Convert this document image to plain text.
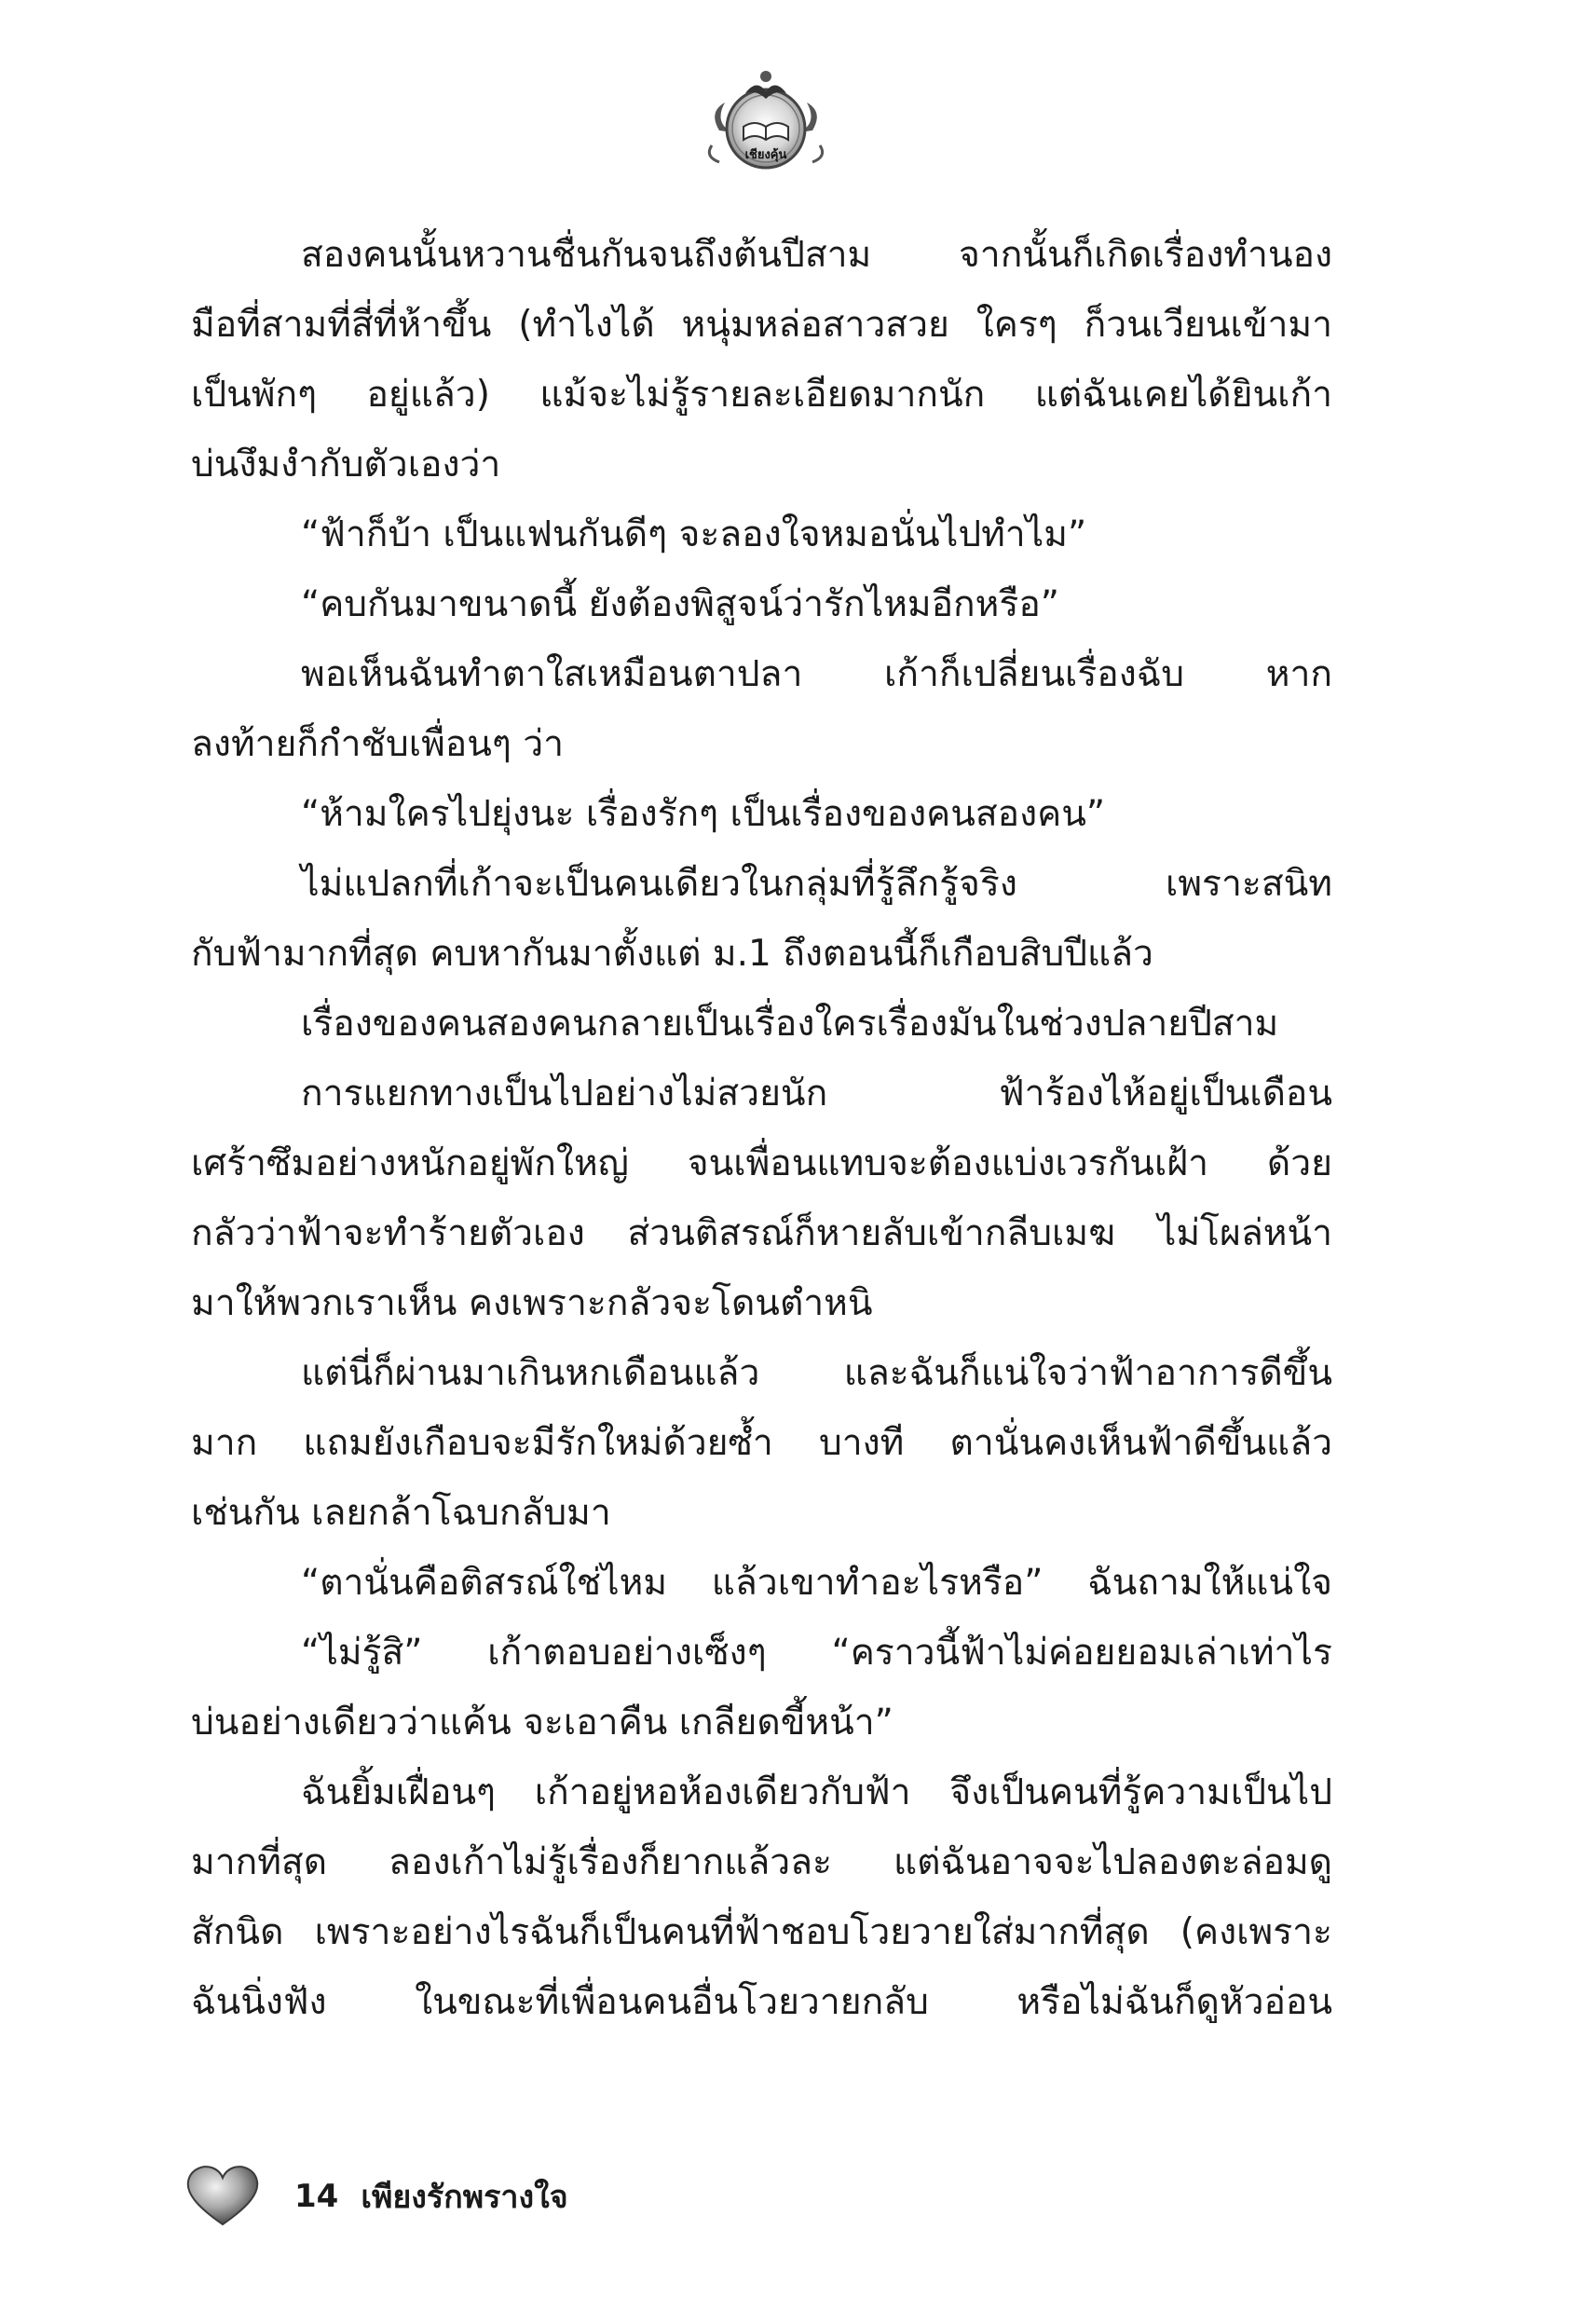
เชียงคุ้น
สองคนนั้นหวานชื่นกันจนถึงต้นปีสาม จากนั้นก็เกิดเรื่องทำนอง
มือที่สามที่สี่ที่ห้าขึ้น (ทำไงได้ หนุ่มหล่อสาวสวย ใครๆ ก็วนเวียนเข้ามา
เป็นพักๆ อยู่แล้ว) แม้จะไม่รู้รายละเอียดมากนัก แต่ฉันเคยได้ยินเก้า
บ่นงึมงำกับตัวเองว่า
“ฟ้าก็บ้า เป็นแฟนกันดีๆ จะลองใจหมอนั่นไปทำไม”
“คบกันมาขนาดนี้ ยังต้องพิสูจน์ว่ารักไหมอีกหรือ”
พอเห็นฉันทำตาใสเหมือนตาปลา เก้าก็เปลี่ยนเรื่องฉับ หาก
ลงท้ายก็กำชับเพื่อนๆ ว่า
“ห้ามใครไปยุ่งนะ เรื่องรักๆ เป็นเรื่องของคนสองคน”
ไม่แปลกที่เก้าจะเป็นคนเดียวในกลุ่มที่รู้ลึกรู้จริง เพราะสนิท
กับฟ้ามากที่สุด คบหากันมาตั้งแต่ ม.1 ถึงตอนนี้ก็เกือบสิบปีแล้ว
เรื่องของคนสองคนกลายเป็นเรื่องใครเรื่องมันในช่วงปลายปีสาม
การแยกทางเป็นไปอย่างไม่สวยนัก ฟ้าร้องไห้อยู่เป็นเดือน
เศร้าซึมอย่างหนักอยู่พักใหญ่ จนเพื่อนแทบจะต้องแบ่งเวรกันเฝ้า ด้วย
กลัวว่าฟ้าจะทำร้ายตัวเอง ส่วนติสรณ์ก็หายลับเข้ากลีบเมฆ ไม่โผล่หน้า
มาให้พวกเราเห็น คงเพราะกลัวจะโดนตำหนิ
แต่นี่ก็ผ่านมาเกินหกเดือนแล้ว และฉันก็แน่ใจว่าฟ้าอาการดีขึ้น
มาก แถมยังเกือบจะมีรักใหม่ด้วยซ้ำ บางที ตานั่นคงเห็นฟ้าดีขึ้นแล้ว
เช่นกัน เลยกล้าโฉบกลับมา
“ตานั่นคือติสรณ์ใช่ไหม แล้วเขาทำอะไรหรือ” ฉันถามให้แน่ใจ
“ไม่รู้สิ” เก้าตอบอย่างเซ็งๆ “คราวนี้ฟ้าไม่ค่อยยอมเล่าเท่าไร
บ่นอย่างเดียวว่าแค้น จะเอาคืน เกลียดขี้หน้า”
ฉันยิ้มเฝื่อนๆ เก้าอยู่หอห้องเดียวกับฟ้า จึงเป็นคนที่รู้ความเป็นไป
มากที่สุด ลองเก้าไม่รู้เรื่องก็ยากแล้วละ แต่ฉันอาจจะไปลองตะล่อมดู
สักนิด เพราะอย่างไรฉันก็เป็นคนที่ฟ้าชอบโวยวายใส่มากที่สุด (คงเพราะ
ฉันนิ่งฟัง ในขณะที่เพื่อนคนอื่นโวยวายกลับ หรือไม่ฉันก็ดูหัวอ่อน
14 เพียงรักพรางใจ
